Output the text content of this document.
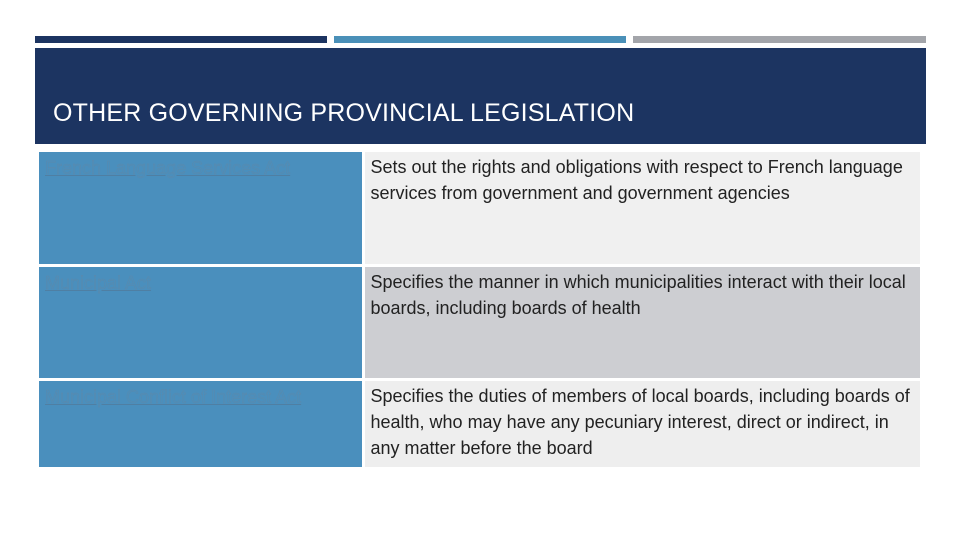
OTHER GOVERNING PROVINCIAL LEGISLATION
French Language Services Act	Sets out the rights and obligations with respect to French language services from government and government agencies
Municipal Act	Specifies the manner in which municipalities interact with their local boards, including boards of health
Municipal Conflict of Interest Act	Specifies the duties of members of local boards, including boards of health, who may have any pecuniary interest, direct or indirect, in any matter before the board
